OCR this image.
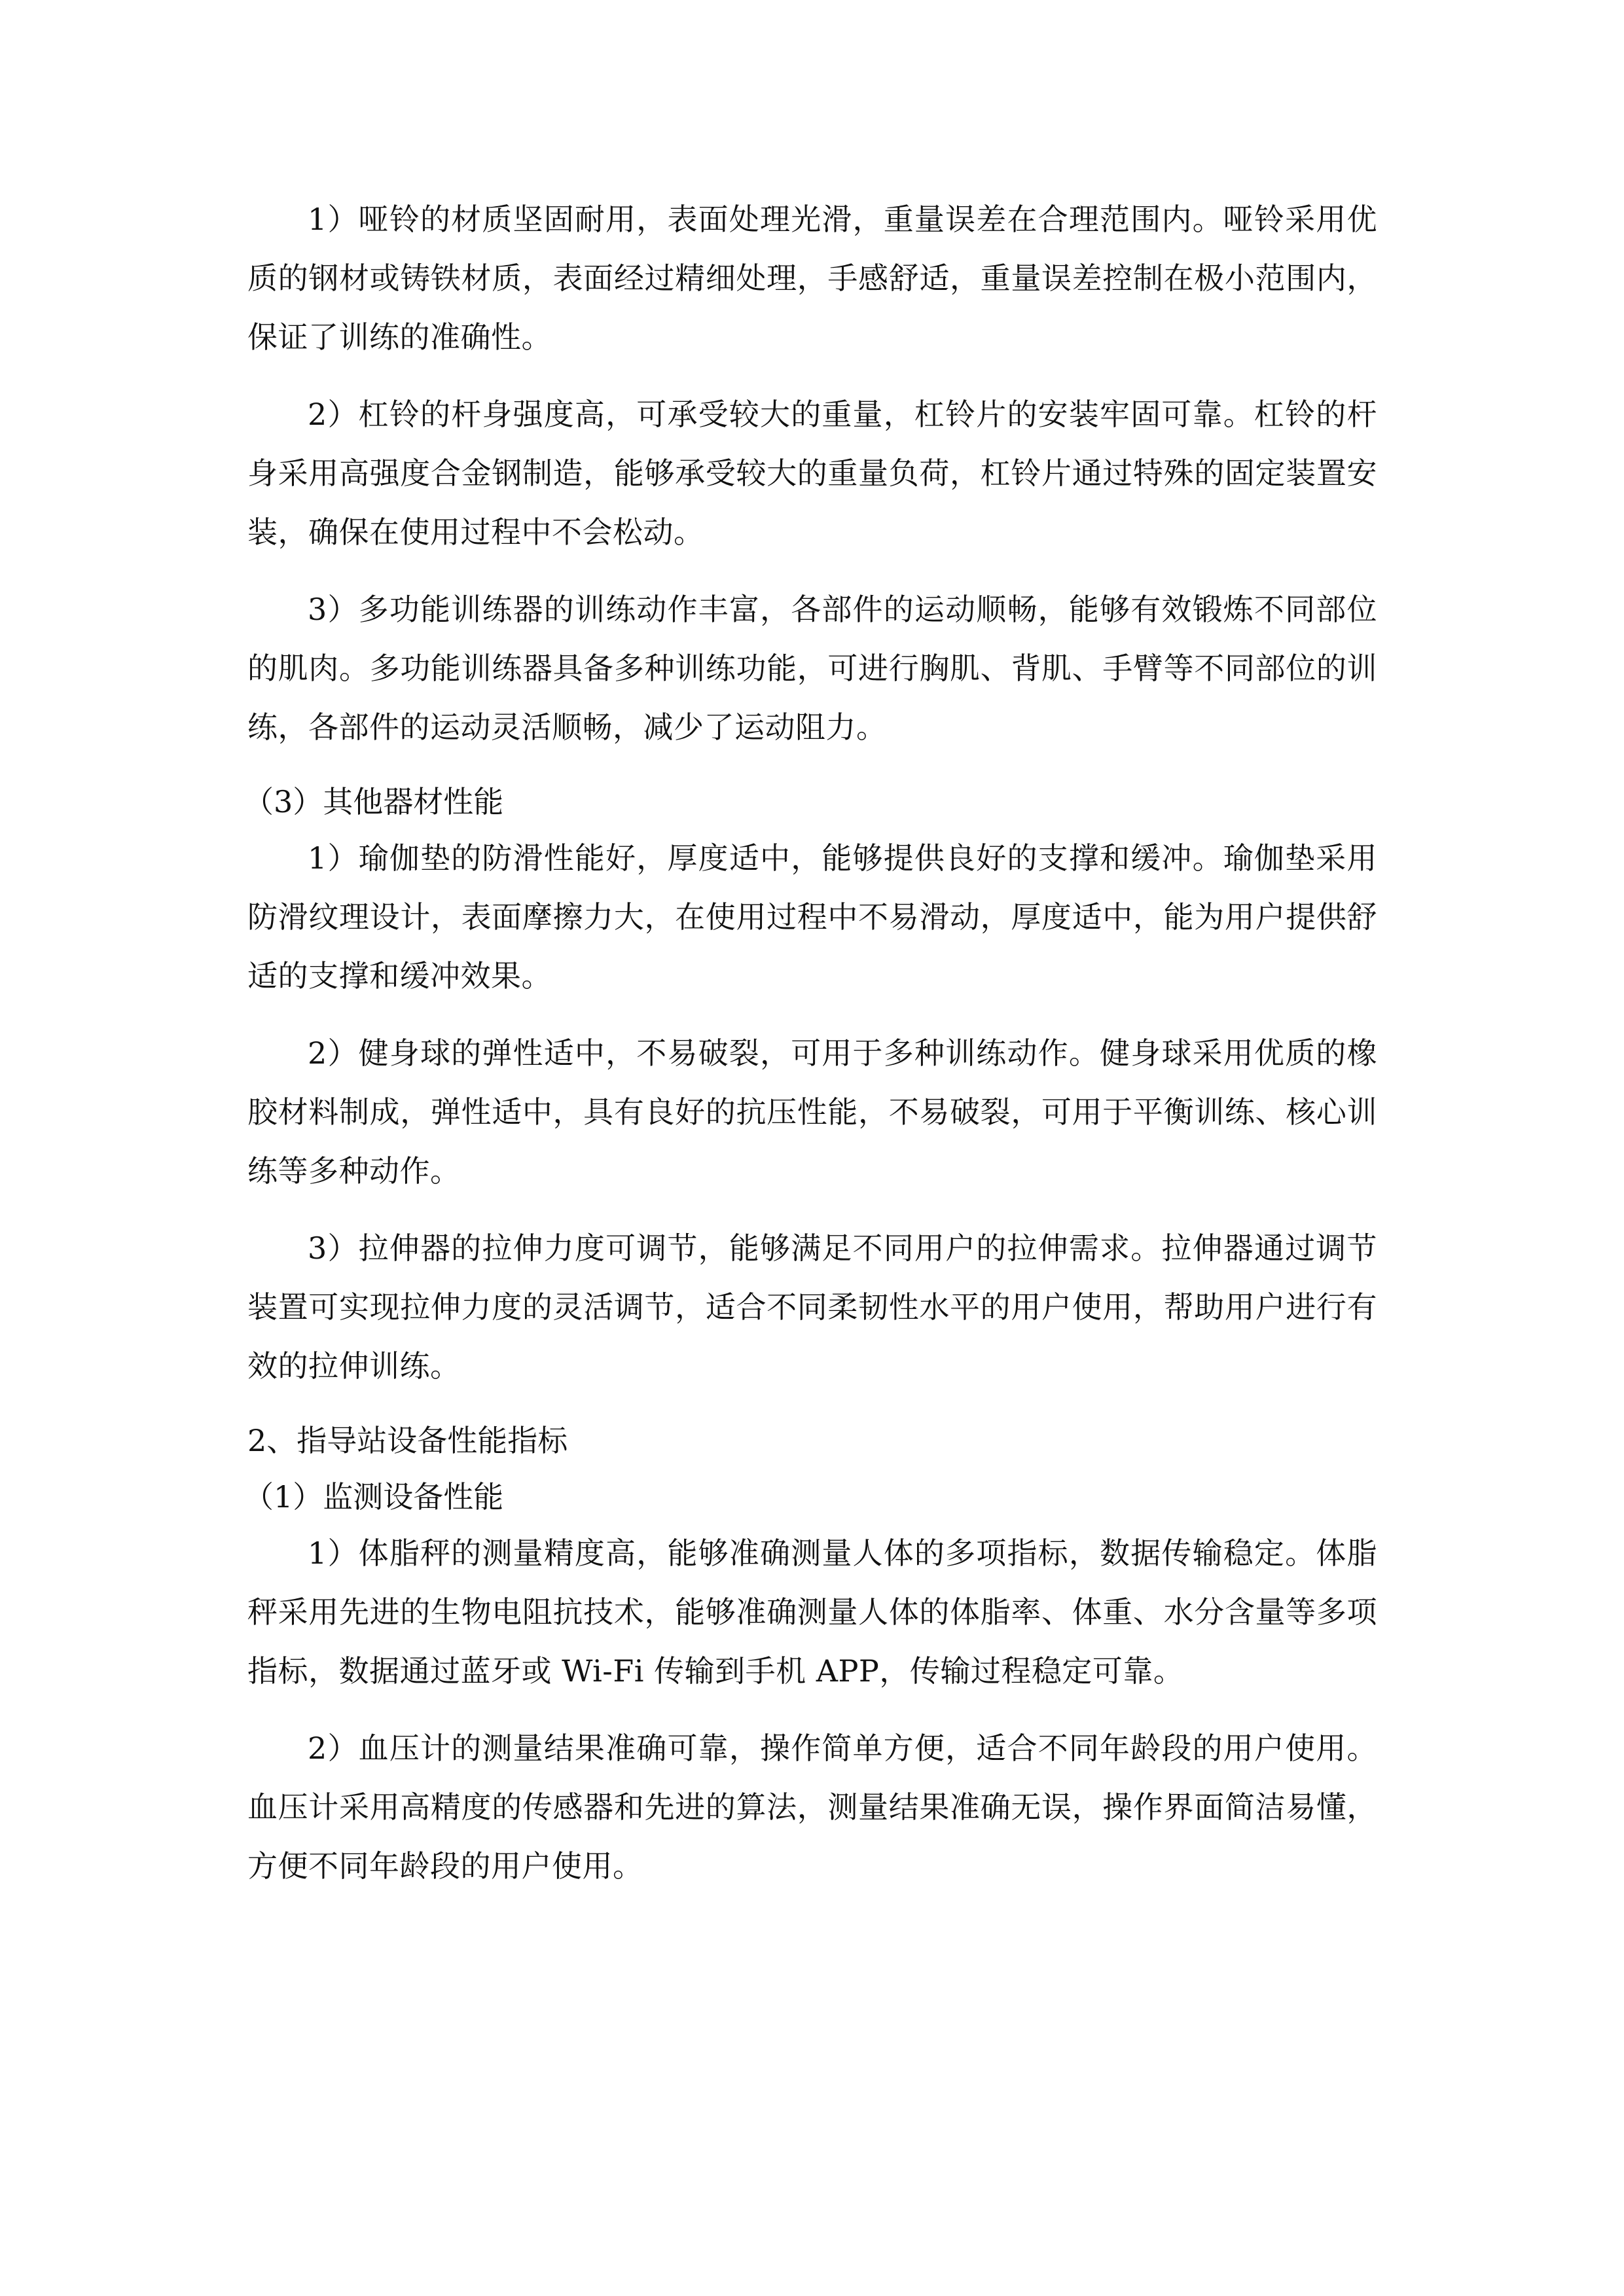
1）哑铃的材质坚固耐用，表面处理光滑，重量误差在合理范围内。哑铃采用优质的钢材或铸铁材质，表面经过精细处理，手感舒适，重量误差控制在极小范围内，保证了训练的准确性。

2）杠铃的杆身强度高，可承受较大的重量，杠铃片的安装牢固可靠。杠铃的杆身采用高强度合金钢制造，能够承受较大的重量负荷，杠铃片通过特殊的固定装置安装，确保在使用过程中不会松动。

3）多功能训练器的训练动作丰富，各部件的运动顺畅，能够有效锻炼不同部位的肌肉。多功能训练器具备多种训练功能，可进行胸肌、背肌、手臂等不同部位的训练，各部件的运动灵活顺畅，减少了运动阻力。

（3）其他器材性能

1）瑜伽垫的防滑性能好，厚度适中，能够提供良好的支撑和缓冲。瑜伽垫采用防滑纹理设计，表面摩擦力大，在使用过程中不易滑动，厚度适中，能为用户提供舒适的支撑和缓冲效果。

2）健身球的弹性适中，不易破裂，可用于多种训练动作。健身球采用优质的橡胶材料制成，弹性适中，具有良好的抗压性能，不易破裂，可用于平衡训练、核心训练等多种动作。

3）拉伸器的拉伸力度可调节，能够满足不同用户的拉伸需求。拉伸器通过调节装置可实现拉伸力度的灵活调节，适合不同柔韧性水平的用户使用，帮助用户进行有效的拉伸训练。

2、指导站设备性能指标

（1）监测设备性能

1）体脂秤的测量精度高，能够准确测量人体的多项指标，数据传输稳定。体脂秤采用先进的生物电阻抗技术，能够准确测量人体的体脂率、体重、水分含量等多项指标，数据通过蓝牙或 Wi-Fi 传输到手机 APP，传输过程稳定可靠。

2）血压计的测量结果准确可靠，操作简单方便，适合不同年龄段的用户使用。血压计采用高精度的传感器和先进的算法，测量结果准确无误，操作界面简洁易懂，方便不同年龄段的用户使用。
